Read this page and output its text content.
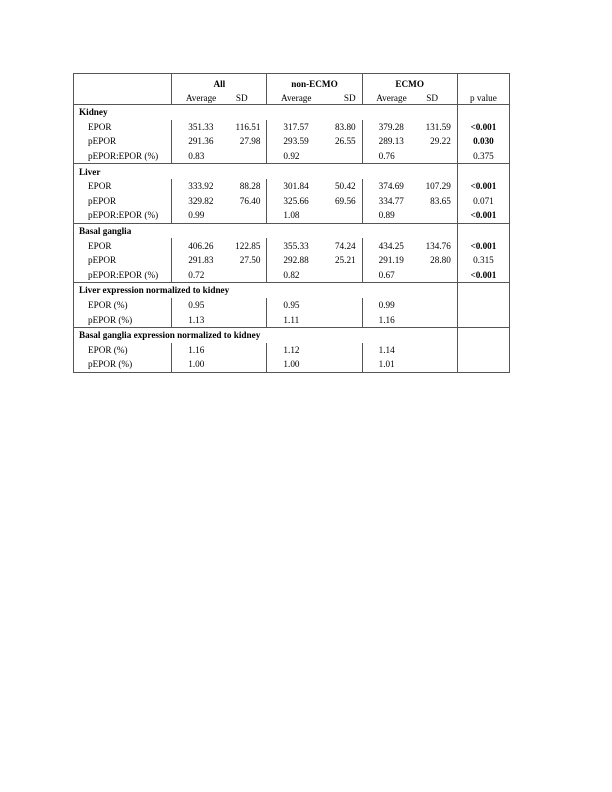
	All		non-ECMO		ECMO		
	Average	SD	Average	SD	Average	SD	p value
Kidney							
EPOR	351.33	116.51	317.57	83.80	379.28	131.59	<0.001
pEPOR	291.36	27.98	293.59	26.55	289.13	29.22	0.030
pEPOR:EPOR (%)	0.83		0.92		0.76		0.375
Liver							
EPOR	333.92	88.28	301.84	50.42	374.69	107.29	<0.001
pEPOR	329.82	76.40	325.66	69.56	334.77	83.65	0.071
pEPOR:EPOR (%)	0.99		1.08		0.89		<0.001
Basal ganglia							
EPOR	406.26	122.85	355.33	74.24	434.25	134.76	<0.001
pEPOR	291.83	27.50	292.88	25.21	291.19	28.80	0.315
pEPOR:EPOR (%)	0.72		0.82		0.67		<0.001
Liver expression normalized to kidney							
EPOR (%)	0.95		0.95		0.99		
pEPOR (%)	1.13		1.11		1.16		
Basal ganglia expression normalized to kidney							
EPOR (%)	1.16		1.12		1.14		
pEPOR (%)	1.00		1.00		1.01		
